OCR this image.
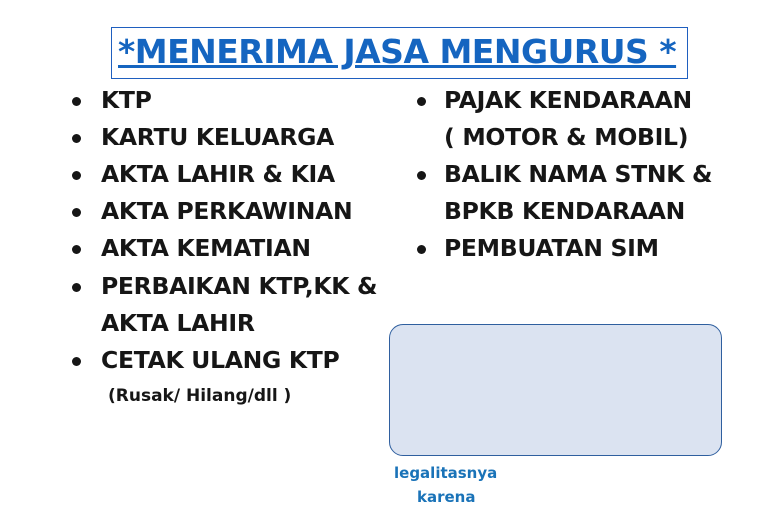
*MENERIMA JASA MENGURUS *
KTP
KARTU KELUARGA
AKTA LAHIR & KIA
AKTA PERKAWINAN
AKTA KEMATIAN
PERBAIKAN KTP,KK &
AKTA LAHIR
CETAK ULANG KTP
(Rusak/ Hilang/dll )
PAJAK KENDARAAN
( MOTOR & MOBIL)
BALIK NAMA STNK &
BPKB KENDARAAN
PEMBUATAN SIM
legalitasnya
karena
